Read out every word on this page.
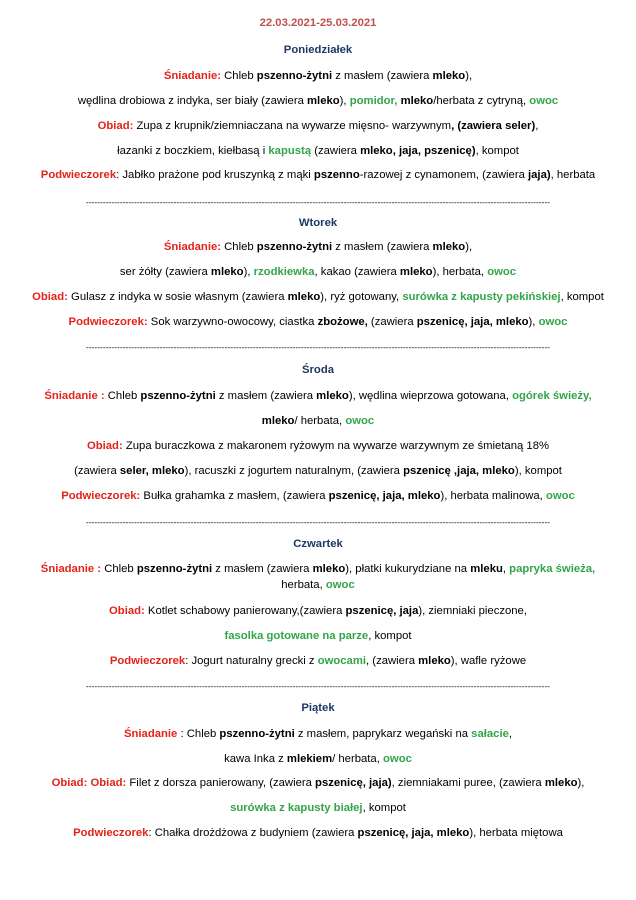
22.03.2021-25.03.2021
Poniedziałek
Śniadanie: Chleb pszenno-żytni z masłem (zawiera mleko),
wędlina drobiowa z indyka, ser biały (zawiera mleko), pomidor, mleko/herbata z cytryną, owoc
Obiad: Zupa z krupnik/ziemniaczana na wywarze mięsno- warzywnym, (zawiera seler),
łazanki z boczkiem, kiełbasą i kapustą (zawiera mleko, jaja, pszenicę), kompot
Podwieczorek: Jabłko prażone pod kruszynką z mąki pszenno-razowej z cynamonem, (zawiera jaja), herbata
--------------------------------------------------------------------------------------------------------------------------------------------------------------------
Wtorek
Śniadanie: Chleb pszenno-żytni z masłem (zawiera mleko),
ser żółty (zawiera mleko), rzodkiewka, kakao (zawiera mleko), herbata, owoc
Obiad: Gulasz z indyka w sosie własnym (zawiera mleko), ryż gotowany, surówka z kapusty pekińskiej, kompot
Podwieczorek: Sok warzywno-owocowy, ciastka zbożowe, (zawiera pszenicę, jaja, mleko), owoc
--------------------------------------------------------------------------------------------------------------------------------------------------------------------
Środa
Śniadanie : Chleb pszenno-żytni z masłem (zawiera mleko), wędlina wieprzowa gotowana, ogórek świeży,
mleko/ herbata, owoc
Obiad: Zupa buraczkowa z makaronem ryżowym na wywarze warzywnym ze śmietaną 18%
(zawiera seler, mleko), racuszki z jogurtem naturalnym, (zawiera pszenicę ,jaja, mleko), kompot
Podwieczorek: Bułka grahamka z masłem, (zawiera pszenicę, jaja, mleko), herbata malinowa, owoc
--------------------------------------------------------------------------------------------------------------------------------------------------------------------
Czwartek
Śniadanie : Chleb pszenno-żytni z masłem (zawiera mleko), płatki kukurydziane na mleku, papryka świeża,
herbata, owoc
Obiad: Kotlet schabowy panierowany,(zawiera pszenicę, jaja), ziemniaki pieczone,
fasolka gotowane na parze, kompot
Podwieczorek: Jogurt naturalny grecki z owocami, (zawiera mleko), wafle ryżowe
--------------------------------------------------------------------------------------------------------------------------------------------------------------------
Piątek
Śniadanie : Chleb pszenno-żytni z masłem, paprykarz wegański na sałacie,
kawa Inka z mlekiem/ herbata, owoc
Obiad: Obiad: Filet z dorsza panierowany, (zawiera pszenicę, jaja), ziemniakami puree, (zawiera mleko),
surówka z kapusty białej, kompot
Podwieczorek: Chałka drożdżowa z budyniem (zawiera pszenicę, jaja, mleko), herbata miętowa
